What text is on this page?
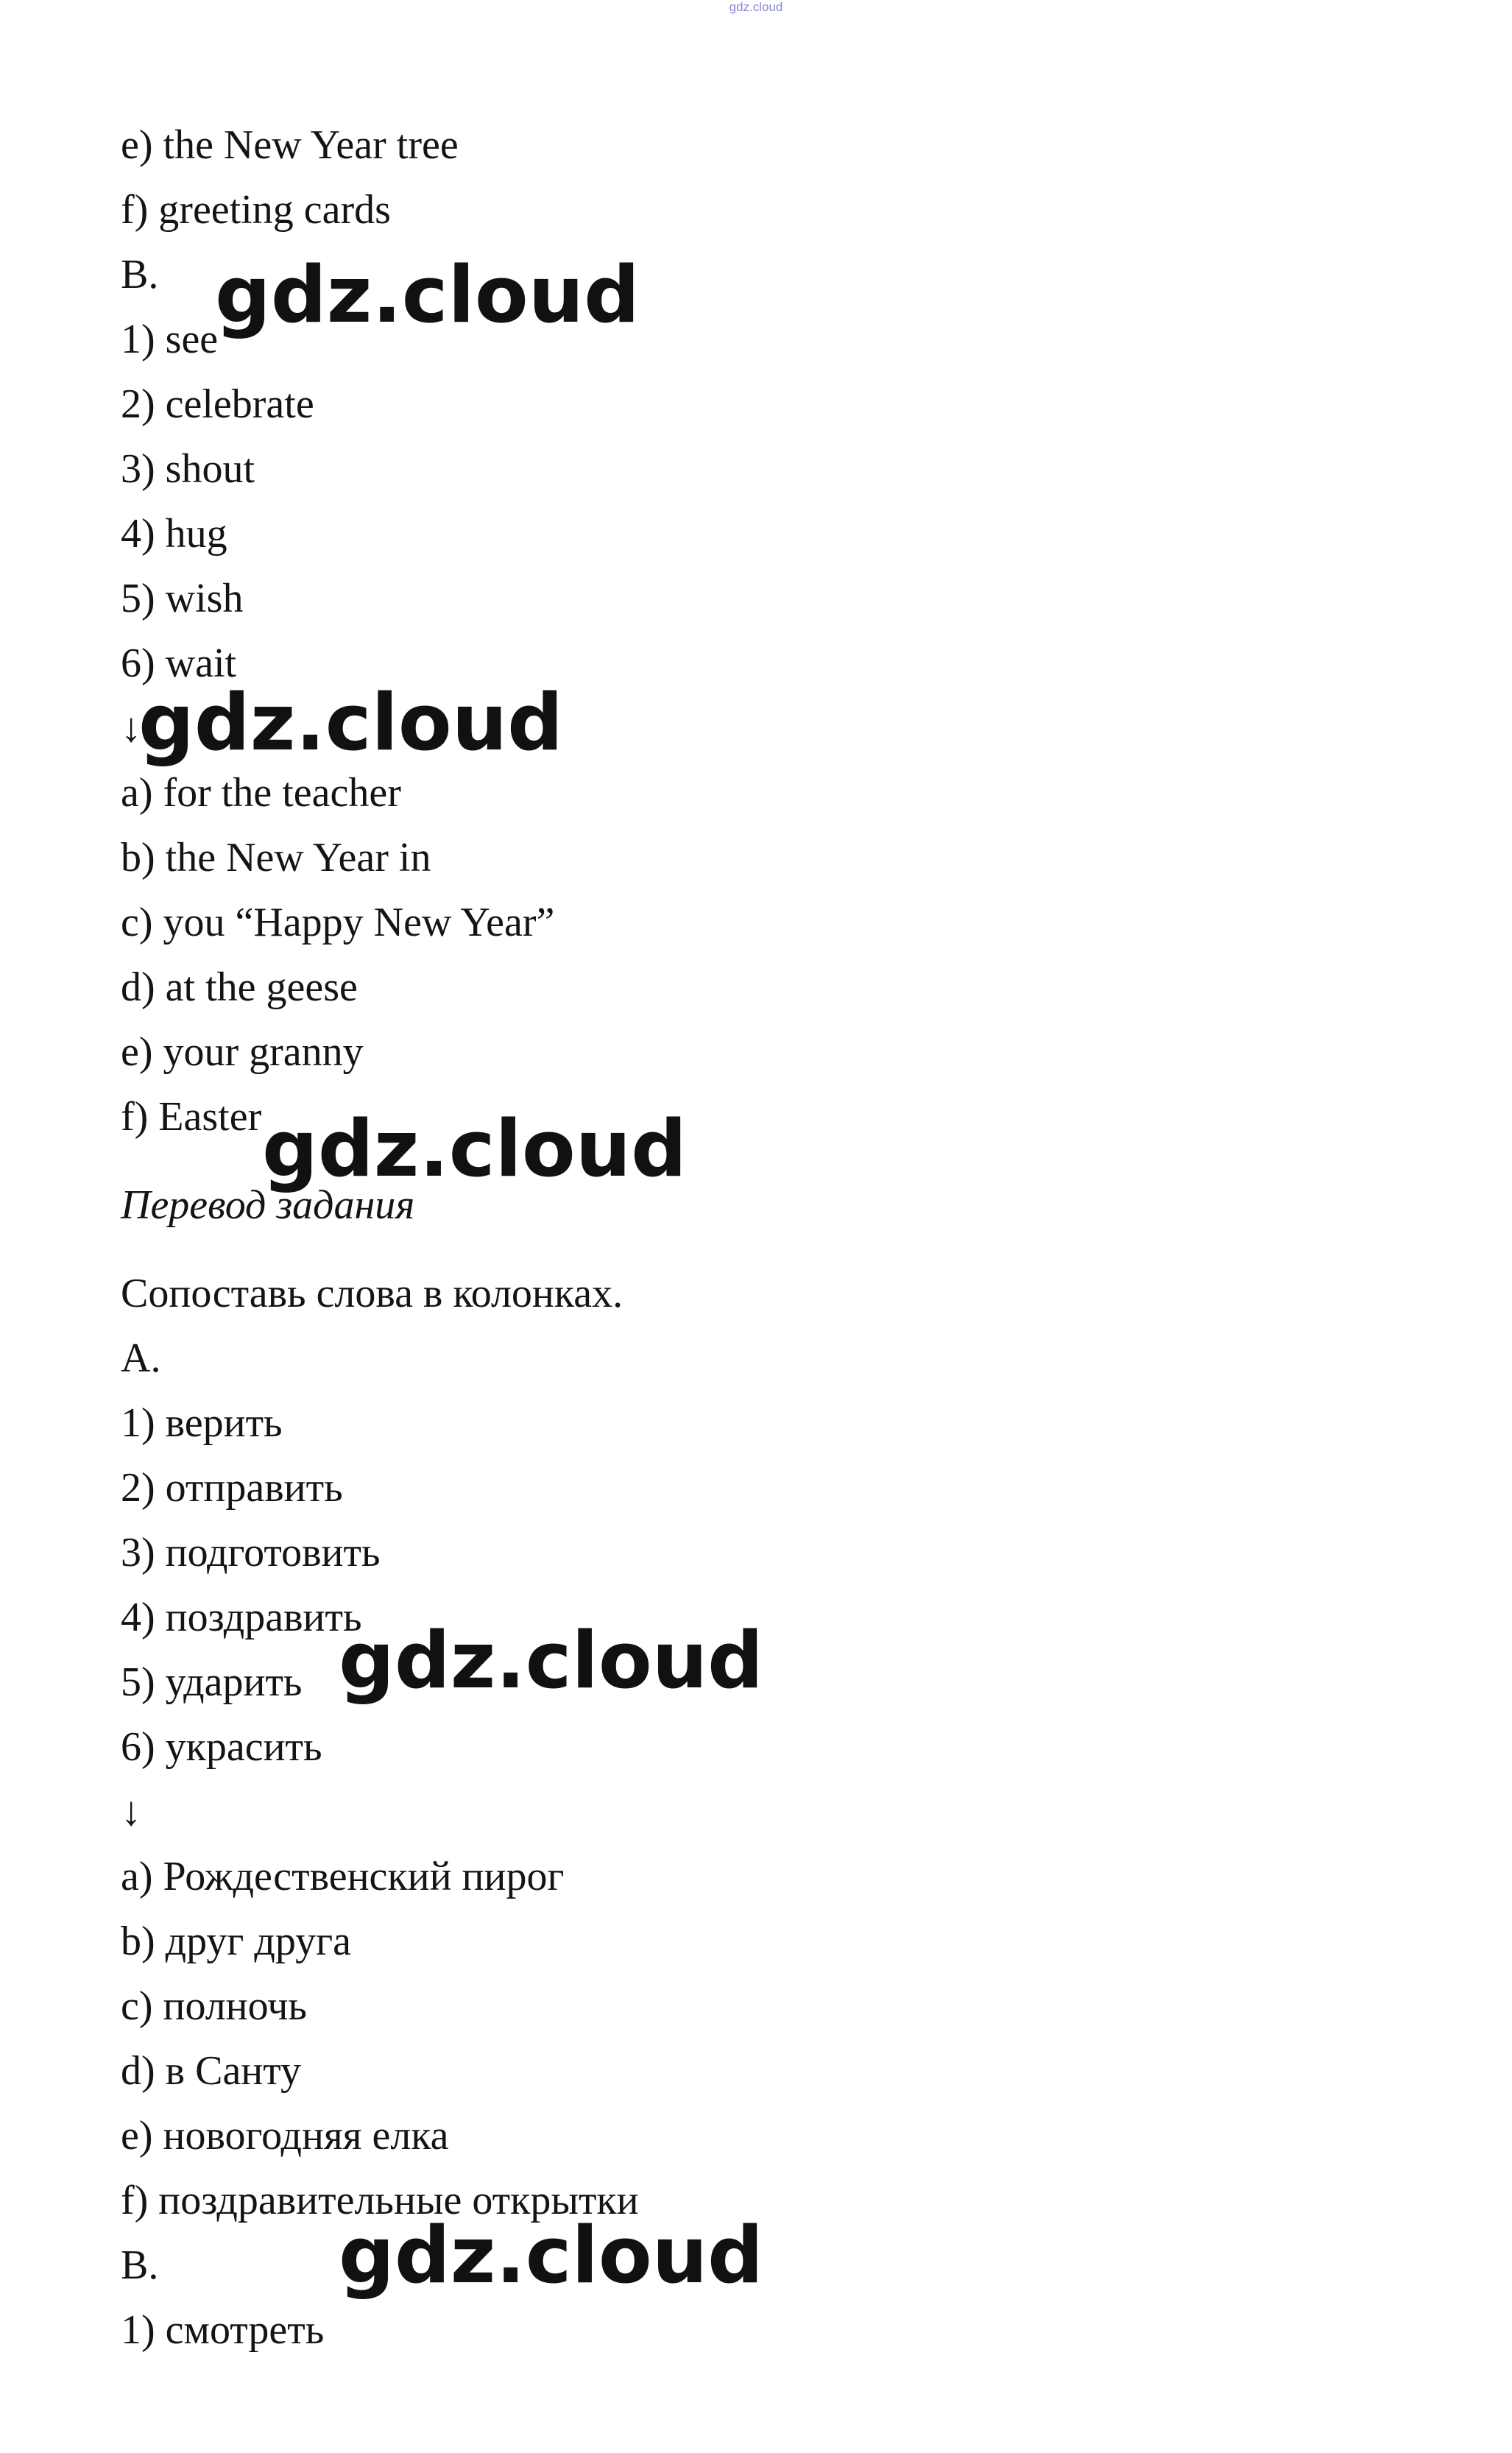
gdz.cloud
e) the New Year tree
f) greeting cards
B.
1) see
2) celebrate
3) shout
4) hug
5) wish
6) wait
↓
a) for the teacher
b) the New Year in
c) you “Happy New Year”
d) at the geese
e) your granny
f) Easter
Перевод задания
Сопоставь слова в колонках.
A.
1) верить
2) отправить
3) подготовить
4) поздравить
5) ударить
6) украсить
↓
a) Рождественский пирог
b) друг друга
c) полночь
d) в Санту
e) новогодняя елка
f) поздравительные открытки
B.
1) смотреть
gdz.cloud
gdz.cloud
gdz.cloud
gdz.cloud
gdz.cloud
